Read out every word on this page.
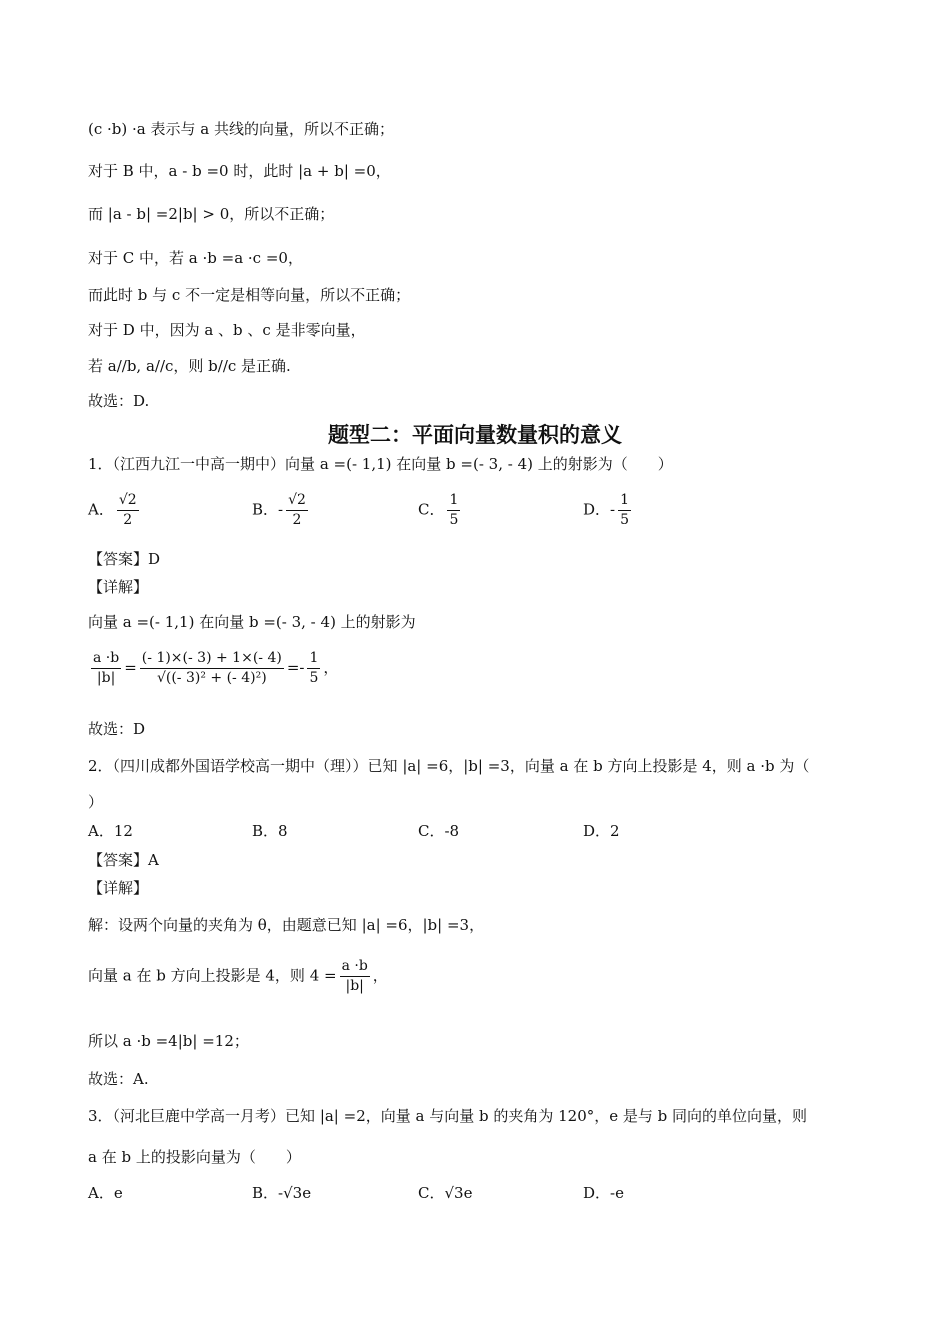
(c ·b) ·a 表示与 a 共线的向量，所以不正确；
对于 B 中，a - b =0 时，此时 |a + b| =0，
而 |a - b| =2|b| > 0，所以不正确；
对于 C 中，若 a ·b =a ·c =0，
而此时 b 与 c 不一定是相等向量，所以不正确；
对于 D 中，因为 a 、b 、c 是非零向量，
若 a//b, a//c，则 b//c 是正确.
故选：D.
题型二：平面向量数量积的意义
1．（江西九江一中高一期中）向量 a =(- 1,1) 在向量 b =(- 3, - 4) 上的射影为（　　）
A． $\frac{√2}{2}$	B．- $\frac{√2}{2}$	C． $\frac{1}{5}$	D．- $\frac{1}{5}$
【答案】D
【详解】
向量 a =(- 1,1) 在向量 b =(- 3, - 4) 上的射影为
$\frac{a \cdot b}{|b|} = \frac{(- 1)\times(- 3) + 1\times(- 4)}{\text{√((- 3)² + (- 4)²)}} =- \frac{1}{5}$ ，
故选：D
2．（四川成都外国语学校高一期中（理））已知 |a| =6，|b| =3，向量 a 在 b 方向上投影是 4，则 a ·b 为（
）
A．12	B．8	C．-8	D．2
【答案】A
【详解】
解：设两个向量的夹角为 θ，由题意已知 |a| =6，|b| =3，
向量 a 在 b 方向上投影是 4，则 $4 = \frac{a \cdot b}{|b|}$ ，
所以 a ·b =4|b| =12；
故选：A.
3．（河北巨鹿中学高一月考）已知 |a| =2，向量 a 与向量 b 的夹角为 120°，e 是与 b 同向的单位向量，则
a 在 b 上的投影向量为（　　）
A．e	B．-√3e	C．√3e	D．-e
